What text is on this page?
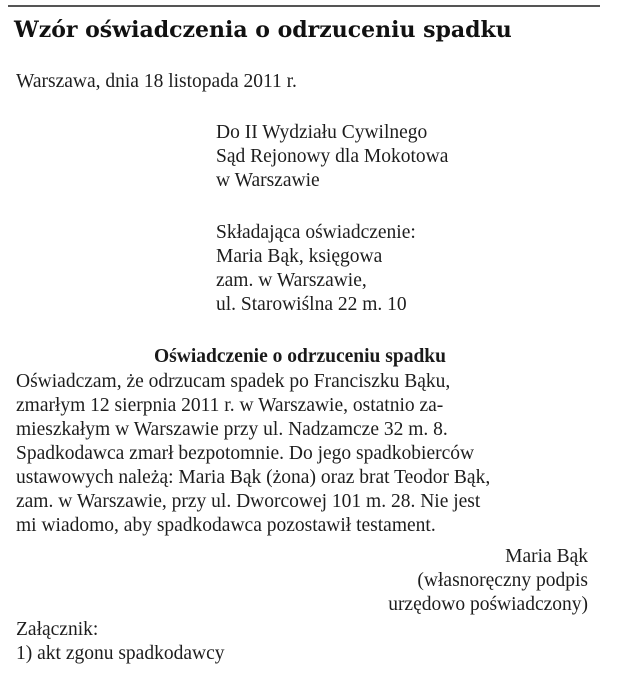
Wzór oświadczenia o odrzuceniu spadku
Warszawa, dnia 18 listopada 2011 r.
Do II Wydziału Cywilnego
Sąd Rejonowy dla Mokotowa
w Warszawie
Składająca oświadczenie:
Maria Bąk, księgowa
zam. w Warszawie,
ul. Starowiślna 22 m. 10
Oświadczenie o odrzuceniu spadku
Oświadczam, że odrzucam spadek po Franciszku Bąku,
zmarłym 12 sierpnia 2011 r. w Warszawie, ostatnio za-
mieszkałym w Warszawie przy ul. Nadzamcze 32 m. 8.
Spadkodawca zmarł bezpotomnie. Do jego spadkobierców
ustawowych należą: Maria Bąk (żona) oraz brat Teodor Bąk,
zam. w Warszawie, przy ul. Dworcowej 101 m. 28. Nie jest
mi wiadomo, aby spadkodawca pozostawił testament.
Maria Bąk
(własnoręczny podpis
urzędowo poświadczony)
Załącznik:
1) akt zgonu spadkodawcy
